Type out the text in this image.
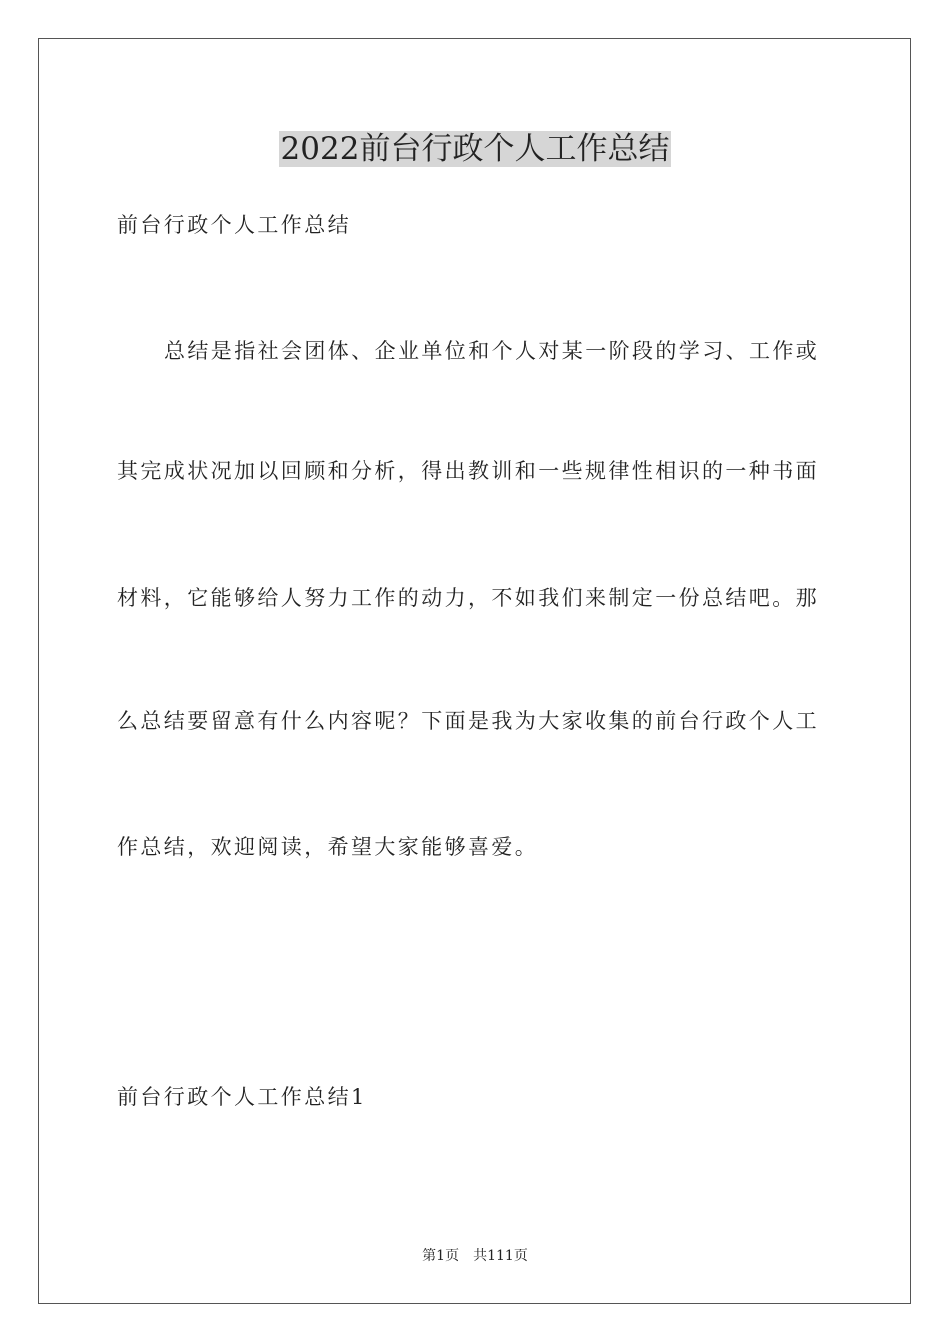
2022前台行政个人工作总结

前台行政个人工作总结

总结是指社会团体、企业单位和个人对某一阶段的学习、工作或

其完成状况加以回顾和分析，得出教训和一些规律性相识的一种书面

材料，它能够给人努力工作的动力，不如我们来制定一份总结吧。那

么总结要留意有什么内容呢？下面是我为大家收集的前台行政个人工

作总结，欢迎阅读，希望大家能够喜爱。

前台行政个人工作总结1

第1页 共111页
